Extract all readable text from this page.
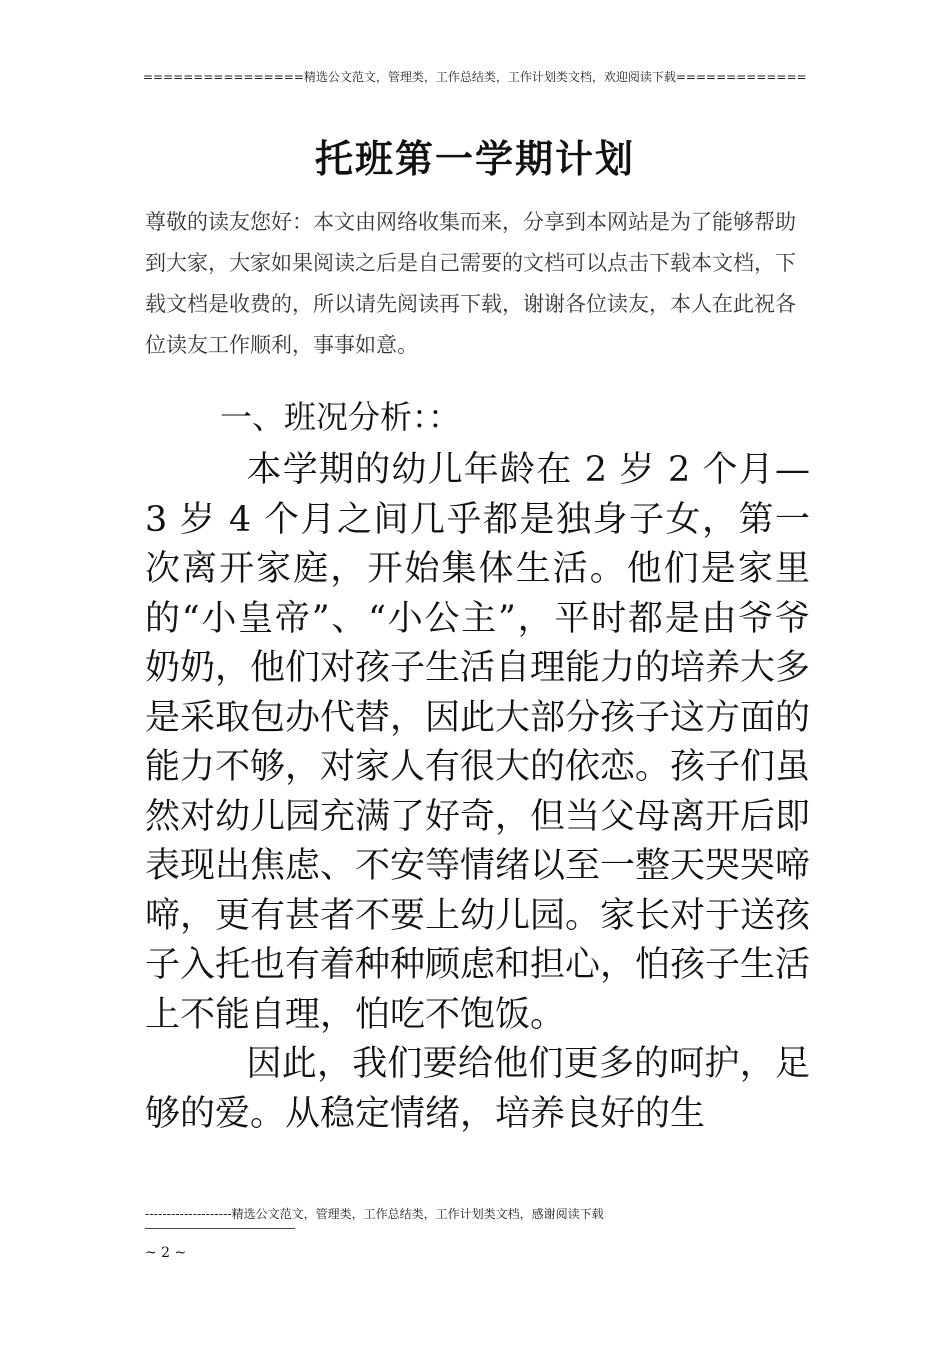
================精选公文范文，管理类，工作总结类，工作计划类文档，欢迎阅读下载=============
托班第一学期计划
尊敬的读友您好：本文由网络收集而来，分享到本网站是为了能够帮助到大家，大家如果阅读之后是自己需要的文档可以点击下载本文档，下载文档是收费的，所以请先阅读再下载，谢谢各位读友，本人在此祝各位读友工作顺利，事事如意。
一、班况分析：：

本学期的幼儿年龄在 2 岁 2 个月—3 岁 4 个月之间几乎都是独身子女，第一次离开家庭，开始集体生活。他们是家里的“小皇帝”、“小公主”，平时都是由爷爷奶奶，他们对孩子生活自理能力的培养大多是采取包办代替，因此大部分孩子这方面的能力不够，对家人有很大的依恋。孩子们虽然对幼儿园充满了好奇，但当父母离开后即表现出焦虑、不安等情绪以至一整天哭哭啼啼，更有甚者不要上幼儿园。家长对于送孩子入托也有着种种顾虑和担心，怕孩子生活上不能自理，怕吃不饱饭。

因此，我们要给他们更多的呵护，足够的爱。从稳定情绪，培养良好的生

--------------------精选公文范文，管理类，工作总结类，工作计划类文档，感谢阅读下载
~ 2 ~
